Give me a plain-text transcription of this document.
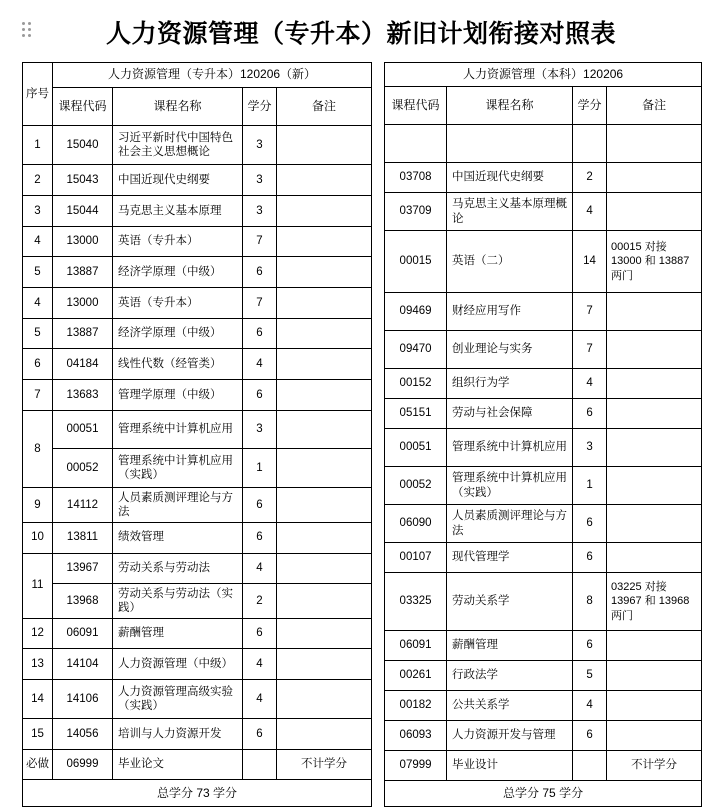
人力资源管理（专升本）新旧计划衔接对照表
序号	人力资源管理（专升本）120206（新）			
	课程代码	课程名称	学分	备注
1	15040	习近平新时代中国特色社会主义思想概论	3	
2	15043	中国近现代史纲要	3	
3	15044	马克思主义基本原理	3	
4	13000	英语（专升本）	7	
5	13887	经济学原理（中级）	6	
4	13000	英语（专升本）	7	
5	13887	经济学原理（中级）	6	
6	04184	线性代数（经管类）	4	
7	13683	管理学原理（中级）	6	
8	00051	管理系统中计算机应用	3	
	00052	管理系统中计算机应用（实践）	1	
9	14112	人员素质测评理论与方法	6	
10	13811	绩效管理	6	
11	13967	劳动关系与劳动法	4	
	13968	劳动关系与劳动法（实践）	2	
12	06091	薪酬管理	6	
13	14104	人力资源管理（中级）	4	
14	14106	人力资源管理高级实验（实践）	4	
15	14056	培训与人力资源开发	6	
必做	06999	毕业论文		不计学分
总学分 73 学分				
人力资源管理（本科）120206			
课程代码	课程名称	学分	备注

03708	中国近现代史纲要	2	
03709	马克思主义基本原理概论	4	
00015	英语（二）	14	00015 对接 13000 和 13887 两门
09469	财经应用写作	7	
09470	创业理论与实务	7	
00152	组织行为学	4	
05151	劳动与社会保障	6	
00051	管理系统中计算机应用	3	
00052	管理系统中计算机应用（实践）	1	
06090	人员素质测评理论与方法	6	
00107	现代管理学	6	
03325	劳动关系学	8	03225 对接 13967 和 13968 两门
06091	薪酬管理	6	
00261	行政法学	5	
00182	公共关系学	4	
06093	人力资源开发与管理	6	
07999	毕业设计		不计学分
总学分 75 学分			
